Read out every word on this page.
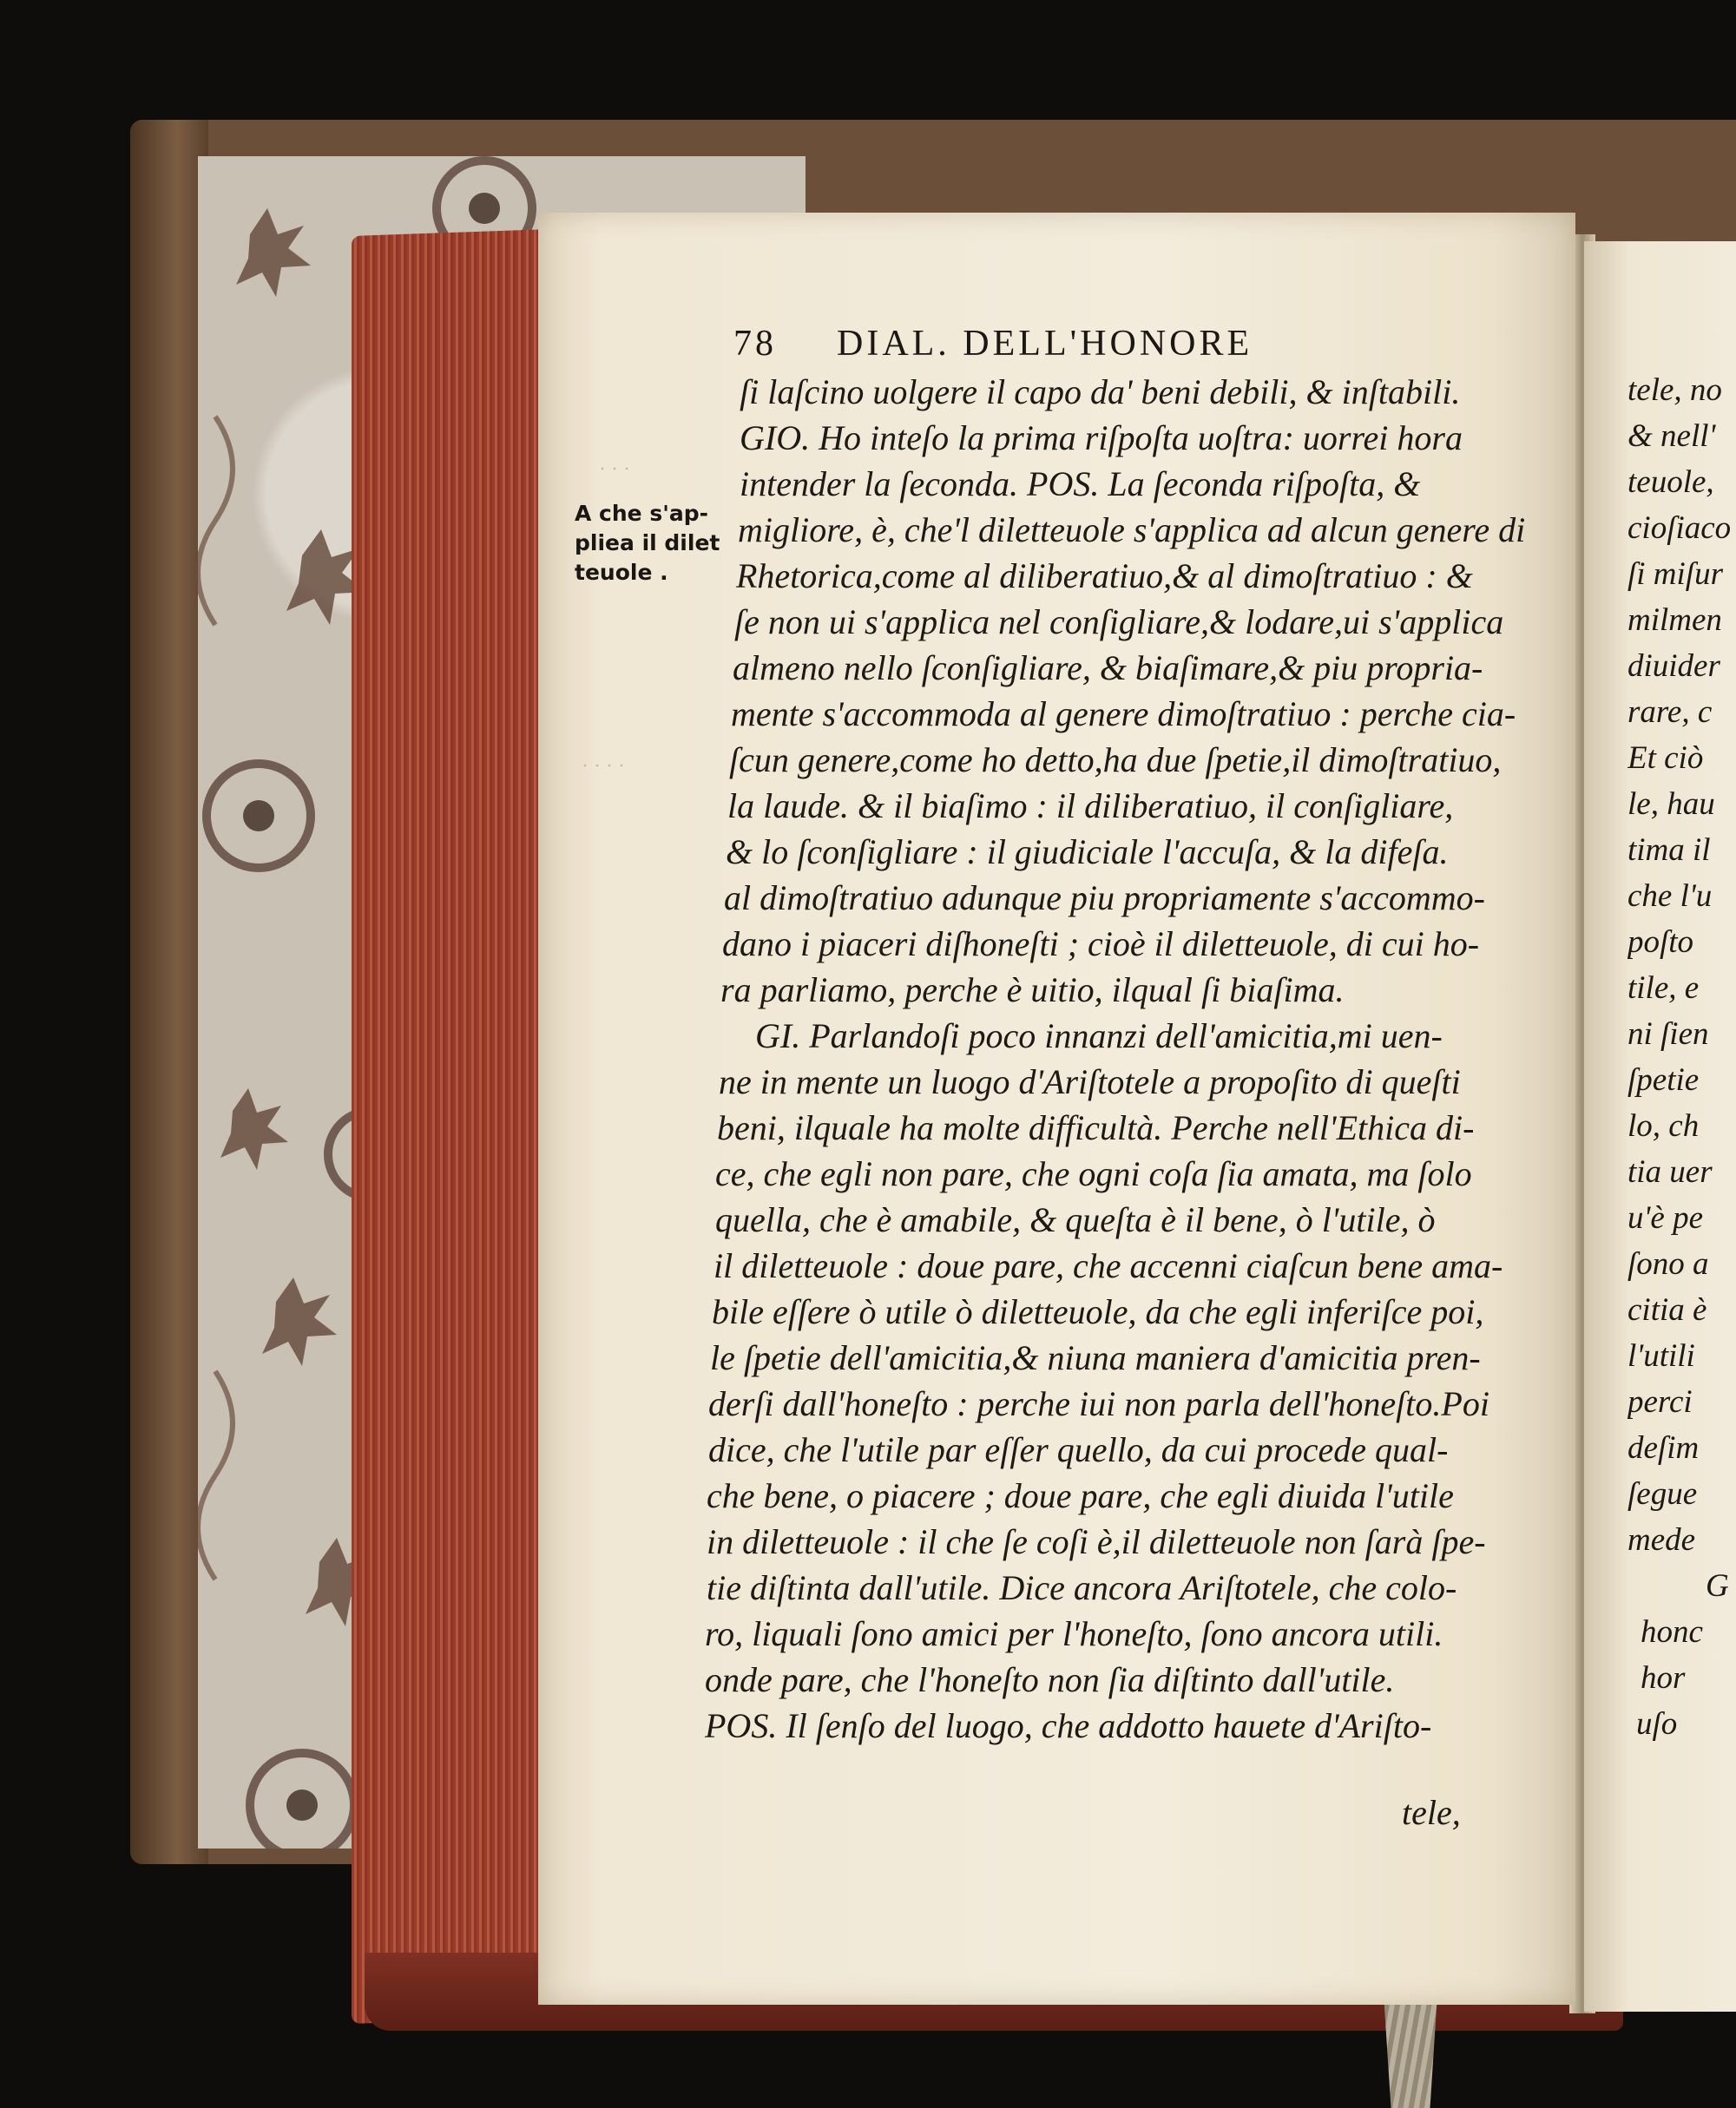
· · ·
· · · ·
78 DIAL. DELL'HONORE
A che s'ap-
pliea il dilet
teuole .
ſi laſcino uolgere il capo da' beni debili, & inſtabili.
GIO. Ho inteſo la prima riſpoſta uoſtra: uorrei hora
intender la ſeconda. POS. La ſeconda riſpoſta, &
migliore, è, che'l diletteuole s'applica ad alcun genere di
Rhetorica,come al diliberatiuo,& al dimoſtratiuo : &
ſe non ui s'applica nel conſigliare,& lodare,ui s'applica
almeno nello ſconſigliare, & biaſimare,& piu propria-
mente s'accommoda al genere dimoſtratiuo : perche cia-
ſcun genere,come ho detto,ha due ſpetie,il dimoſtratiuo,
la laude. & il biaſimo : il diliberatiuo, il conſigliare,
& lo ſconſigliare : il giudiciale l'accuſa, & la difeſa.
al dimoſtratiuo adunque piu propriamente s'accommo-
dano i piaceri diſhoneſti ; cioè il diletteuole, di cui ho-
ra parliamo, perche è uitio, ilqual ſi biaſima.
GI. Parlandoſi poco innanzi dell'amicitia,mi uen-
ne in mente un luogo d'Ariſtotele a propoſito di queſti
beni, ilquale ha molte difficultà. Perche nell'Ethica di-
ce, che egli non pare, che ogni coſa ſia amata, ma ſolo
quella, che è amabile, & queſta è il bene, ò l'utile, ò
il diletteuole : doue pare, che accenni ciaſcun bene ama-
bile eſſere ò utile ò diletteuole, da che egli inferiſce poi,
le ſpetie dell'amicitia,& niuna maniera d'amicitia pren-
derſi dall'honeſto : perche iui non parla dell'honeſto.Poi
dice, che l'utile par eſſer quello, da cui procede qual-
che bene, o piacere ; doue pare, che egli diuida l'utile
in diletteuole : il che ſe coſi è,il diletteuole non ſarà ſpe-
tie diſtinta dall'utile. Dice ancora Ariſtotele, che colo-
ro, liquali ſono amici per l'honeſto, ſono ancora utili.
onde pare, che l'honeſto non ſia diſtinto dall'utile.
POS. Il ſenſo del luogo, che addotto hauete d'Ariſto-
tele,
tele, no
& nell'
teuole,
cioſiaco
ſi miſur
milmen
diuider
rare, c
Et ciò
le, hau
tima il
che l'u
poſto
tile, e
ni ſien
ſpetie
lo, ch
tia uer
u'è pe
ſono a
citia è
l'utili
perci
deſim
ſegue
mede
G
honc
hor
uſo
